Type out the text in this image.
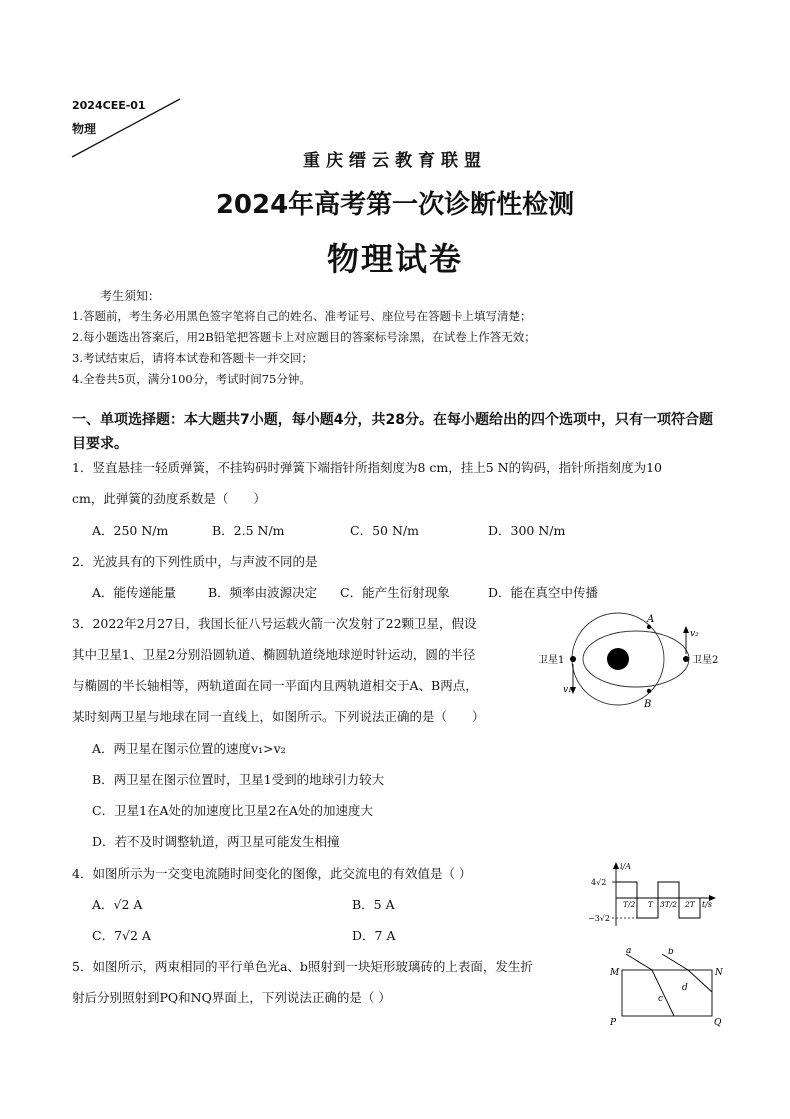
2024CEE-01
物理
重庆缙云教育联盟
2024年高考第一次诊断性检测
物理试卷
考生须知：
1.答题前，考生务必用黑色签字笔将自己的姓名、准考证号、座位号在答题卡上填写清楚；
2.每小题选出答案后，用2B铅笔把答题卡上对应题目的答案标号涂黑，在试卷上作答无效；
3.考试结束后，请将本试卷和答题卡一并交回；
4.全卷共5页，满分100分，考试时间75分钟。
一、单项选择题：本大题共7小题，每小题4分，共28分。在每小题给出的四个选项中，只有一项符合题目要求。
1．竖直悬挂一轻质弹簧，不挂钩码时弹簧下端指针所指刻度为8 cm，挂上5 N的钩码，指针所指刻度为10
cm，此弹簧的劲度系数是（　　）
A．250 N/m	B．2.5 N/m	C．50 N/m	D．300 N/m
2．光波具有的下列性质中，与声波不同的是
A．能传递能量	B．频率由波源决定 C．能产生衍射现象	D．能在真空中传播
3．2022年2月27日，我国长征八号运载火箭一次发射了22颗卫星，假设
其中卫星1、卫星2分别沿圆轨道、椭圆轨道绕地球逆时针运动，圆的半径
与椭圆的半长轴相等，两轨道面在同一平面内且两轨道相交于A、B两点，
某时刻两卫星与地球在同一直线上，如图所示。下列说法正确的是（　　）
A．两卫星在图示位置的速度v₁>v₂
B．两卫星在图示位置时，卫星1受到的地球引力较大
C．卫星1在A处的加速度比卫星2在A处的加速度大
D．若不及时调整轨道，两卫星可能发生相撞
卫星1	卫星2
A
B
v₁
v₂
4．如图所示为一交变电流随时间变化的图像，此交流电的有效值是（ ）
A．√2 A	B．5 A
C．7√2 A	D．7 A
i/A
t/s
4√2
−3√2
T/2 T 3T/2 2T
5．如图所示，两束相同的平行单色光a、b照射到一块矩形玻璃砖的上表面，发生折
射后分别照射到PQ和NQ界面上，下列说法正确的是（ ）
a	b
c
d
M	N
P	Q
